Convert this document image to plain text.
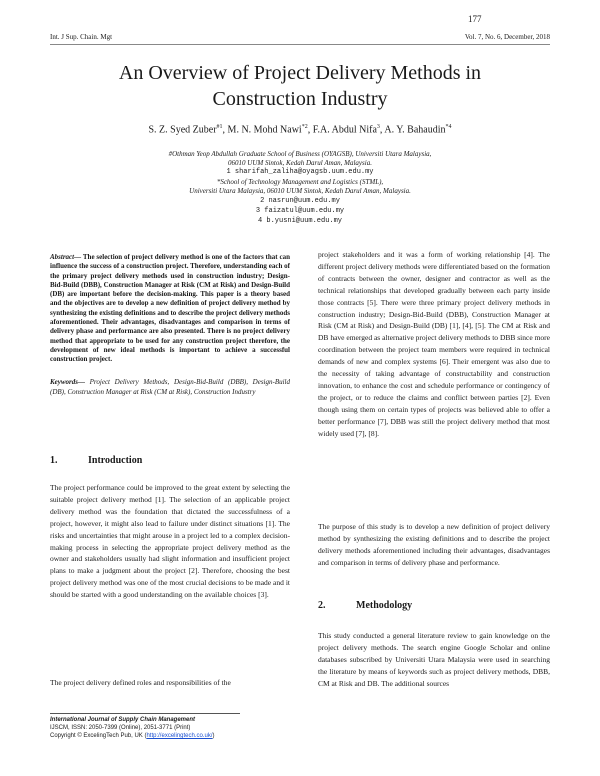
177
Int. J Sup. Chain. Mgt	Vol. 7, No. 6, December, 2018
An Overview of Project Delivery Methods in
Construction Industry
S. Z. Syed Zuber$^{\#1}$, M. N. Mohd Nawi$^{*2}$, F.A. Abdul Nifa$^3$, A. Y. Bahaudin$^{*4}$
#Othman Yeop Abdullah Graduate School of Business (OYAGSB), Universiti Utara Malaysia,
06010 UUM Sintok, Kedah Darul Aman, Malaysia.
1 sharifah_zaliha@oyagsb.uum.edu.my
*School of Technology Management and Logistics (STML),
Universiti Utara Malaysia, 06010 UUM Sintok, Kedah Darul Aman, Malaysia.
2 nasrun@uum.edu.my
3 faizatul@uum.edu.my
4 b.yusni@uum.edu.my
Abstract— The selection of project delivery method is one of the factors that can influence the success of a construction project. Therefore, understanding each of the primary project delivery methods used in construction industry; Design-Bid-Build (DBB), Construction Manager at Risk (CM at Risk) and Design-Build (DB) are important before the decision-making. This paper is a theory based and the objectives are to develop a new definition of project delivery method by synthesizing the existing definitions and to describe the project delivery methods aforementioned. Their advantages, disadvantages and comparison in terms of delivery phase and performance are also presented. There is no project delivery method that appropriate to be used for any construction project therefore, the development of new ideal methods is important to achieve a successful construction project.
Keywords— Project Delivery Methods, Design-Bid-Build (DBB), Design-Build (DB), Construction Manager at Risk (CM at Risk), Construction Industry
1.	Introduction
The project performance could be improved to the great extent by selecting the suitable project delivery method [1]. The selection of an applicable project delivery method was the foundation that dictated the successfulness of a project, however, it might also lead to failure under distinct situations [1]. The risks and uncertainties that might arouse in a project led to a complex decision-making process in selecting the appropriate project delivery method as the owner and stakeholders usually had slight information and insufficient project plans to make a judgment about the project [2]. Therefore, choosing the best project delivery method was one of the most crucial decisions to be made and it should be started with a good understanding on the available choices [3].
The project delivery defined roles and responsibilities of the
project stakeholders and it was a form of working relationship [4]. The different project delivery methods were differentiated based on the formation of contracts between the owner, designer and contractor as well as the technical relationships that developed gradually between each party inside those contracts [5]. There were three primary project delivery methods in construction industry; Design-Bid-Build (DBB), Construction Manager at Risk (CM at Risk) and Design-Build (DB) [1], [4], [5]. The CM at Risk and DB have emerged as alternative project delivery methods to DBB since more coordination between the project team members were required in technical demands of new and complex systems [6]. Their emergent was also due to the necessity of taking advantage of constructability and construction innovation, to enhance the cost and schedule performance or contingency of the project, or to reduce the claims and conflict between parties [2]. Even though using them on certain types of projects was believed able to offer a better performance [7], DBB was still the project delivery method that most widely used [7], [8].
The purpose of this study is to develop a new definition of project delivery method by synthesizing the existing definitions and to describe the project delivery methods aforementioned including their advantages, disadvantages and comparison in terms of delivery phase and performance.
2.	Methodology
This study conducted a general literature review to gain knowledge on the project delivery methods. The search engine Google Scholar and online databases subscribed by Universiti Utara Malaysia were used in searching the literature by means of keywords such as project delivery methods, DBB, CM at Risk and DB. The additional sources
International Journal of Supply Chain Management
IJSCM, ISSN: 2050-7399 (Online), 2051-3771 (Print)
Copyright © ExcelingTech Pub, UK (http://excelingtech.co.uk/)
